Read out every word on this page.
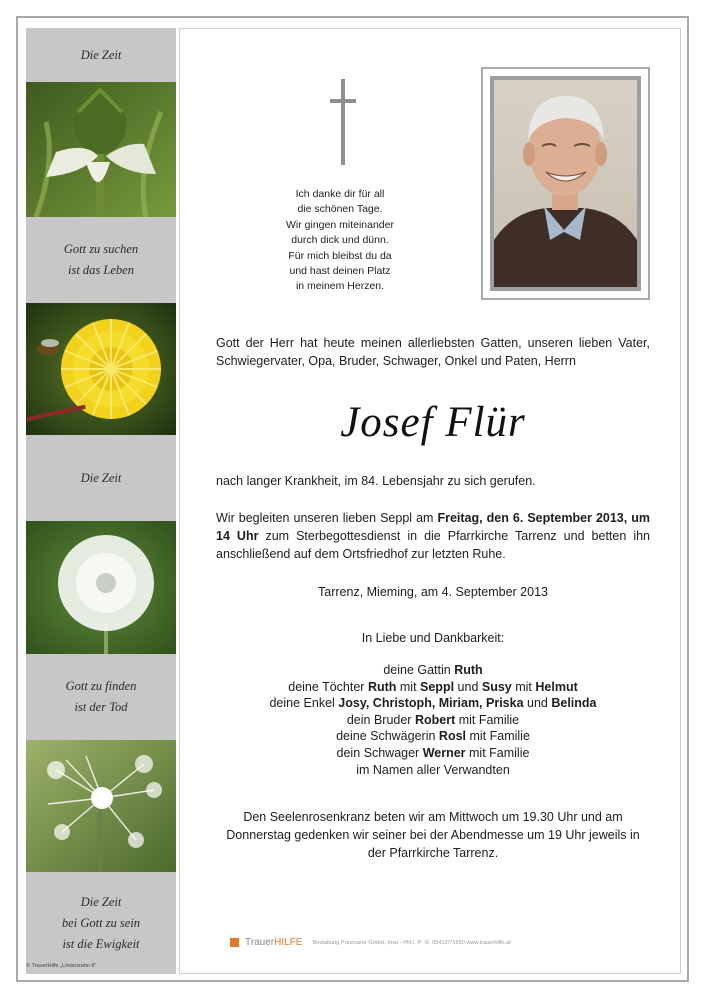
Die Zeit
Gott zu suchen
ist das Leben
Die Zeit
Gott zu finden
ist der Tod
Die Zeit
bei Gott zu sein
ist die Ewigkeit
© TrauerHilfe „Löwenzahn 8“
Ich danke dir für all
die schönen Tage.
Wir gingen miteinander
durch dick und dünn.
Für mich bleibst du da
und hast deinen Platz
in meinem Herzen.
Gott der Herr hat heute meinen allerliebsten Gatten, unseren lieben Vater, Schwiegervater, Opa, Bruder, Schwager, Onkel und Paten, Herrn
Josef Flür
nach langer Krankheit, im 84. Lebensjahr zu sich gerufen.
Wir begleiten unseren lieben Seppl am Freitag, den 6. September 2013, um 14 Uhr zum Sterbegottesdienst in die Pfarrkirche Tarrenz und betten ihn anschließend auf dem Ortsfriedhof zur letzten Ruhe.
Tarrenz, Mieming, am 4. September 2013
In Liebe und Dankbarkeit:
deine Gattin Ruth
deine Töchter Ruth mit Seppl und Susy mit Helmut
deine Enkel Josy, Christoph, Miriam, Priska und Belinda
dein Bruder Robert mit Familie
deine Schwägerin Rosl mit Familie
dein Schwager Werner mit Familie
im Namen aller Verwandten
Den Seelenrosenkranz beten wir am Mittwoch um 19.30 Uhr und am Donnerstag gedenken wir seiner bei der Abendmesse um 19 Uhr jeweils in der Pfarrkirche Tarrenz.
TrauerHILFE Bestattung Praxmarer GmbH, Imst - Pfd i. P. ☏ 05412/71550 www.trauerhilfe.at
